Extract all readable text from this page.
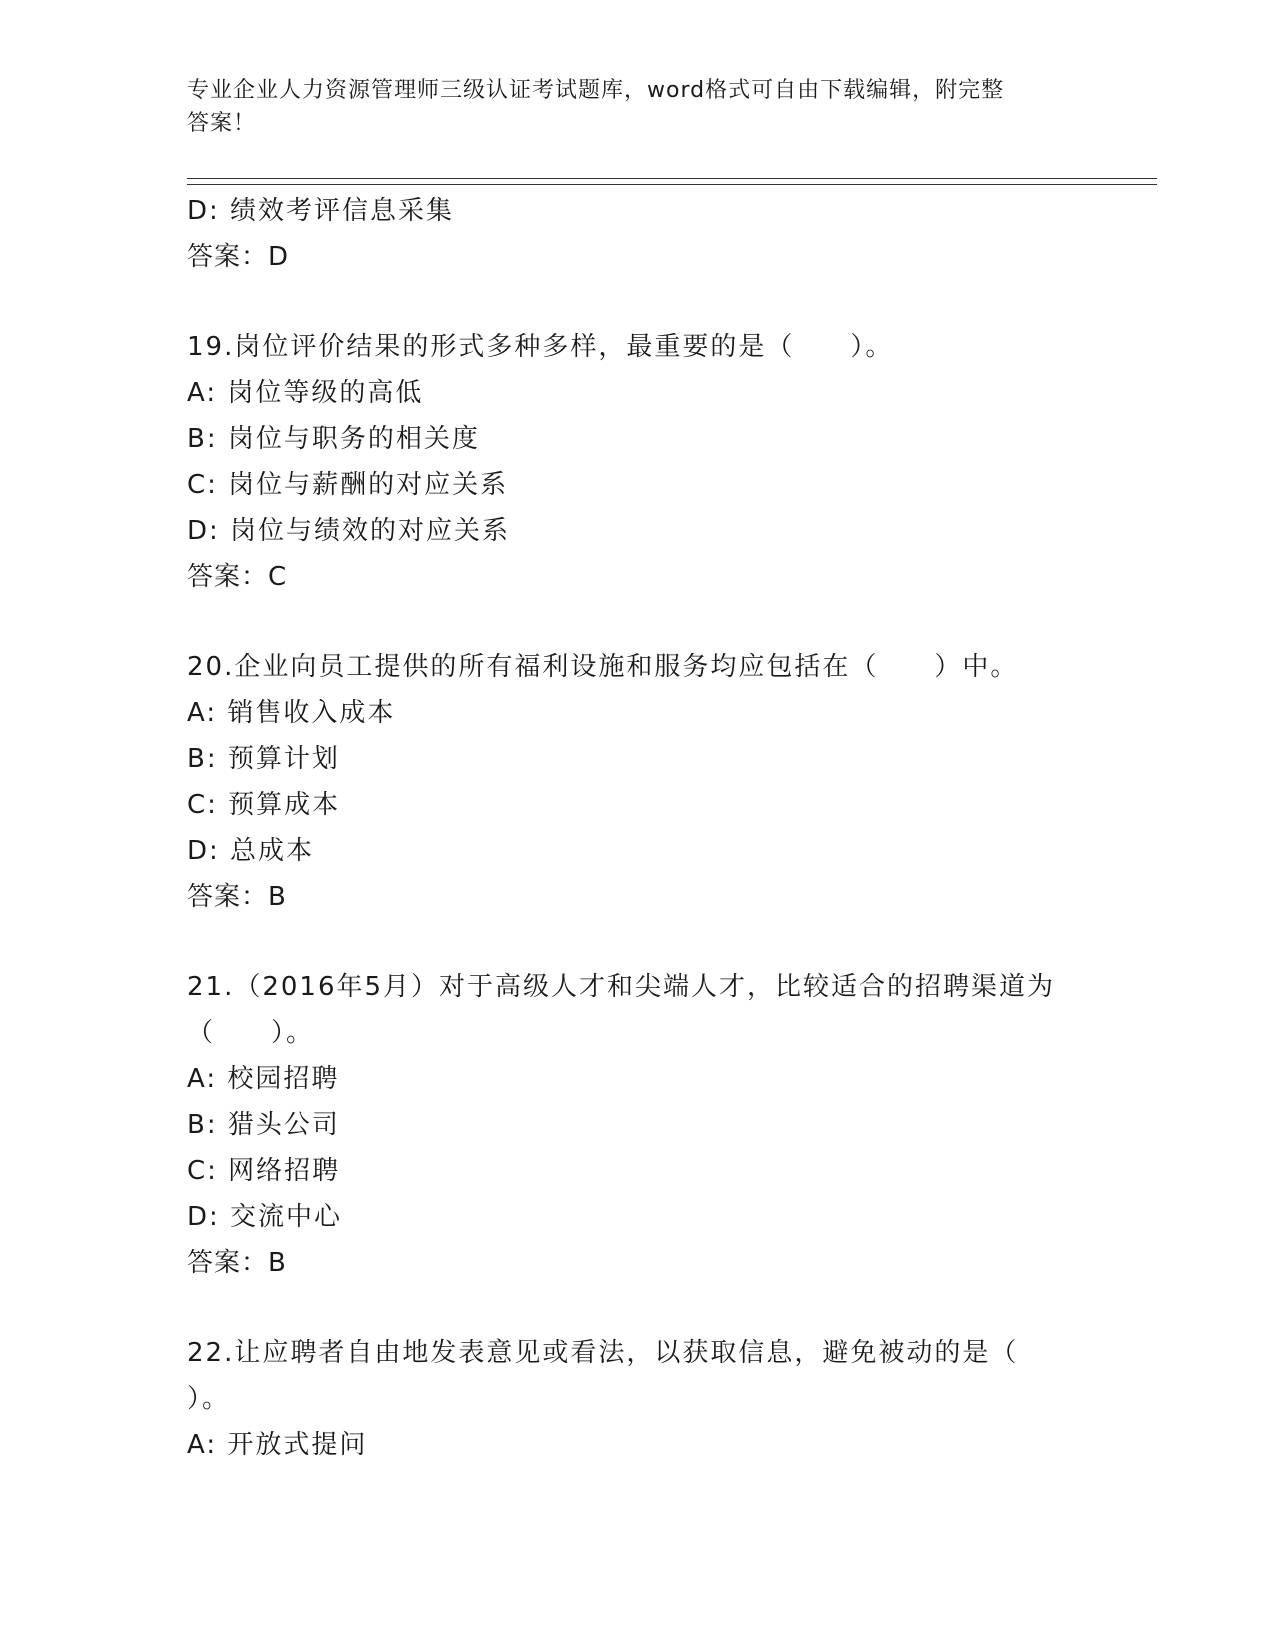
专业企业人力资源管理师三级认证考试题库，word格式可自由下载编辑，附完整
答案！
D: 绩效考评信息采集
答案：D
19.岗位评价结果的形式多种多样，最重要的是（　　）。
A: 岗位等级的高低
B: 岗位与职务的相关度
C: 岗位与薪酬的对应关系
D: 岗位与绩效的对应关系
答案：C
20.企业向员工提供的所有福利设施和服务均应包括在（　　）中。
A: 销售收入成本
B: 预算计划
C: 预算成本
D: 总成本
答案：B
21.（2016年5月）对于高级人才和尖端人才，比较适合的招聘渠道为
（　　）。
A: 校园招聘
B: 猎头公司
C: 网络招聘
D: 交流中心
答案：B
22.让应聘者自由地发表意见或看法，以获取信息，避免被动的是（
）。
A: 开放式提问
